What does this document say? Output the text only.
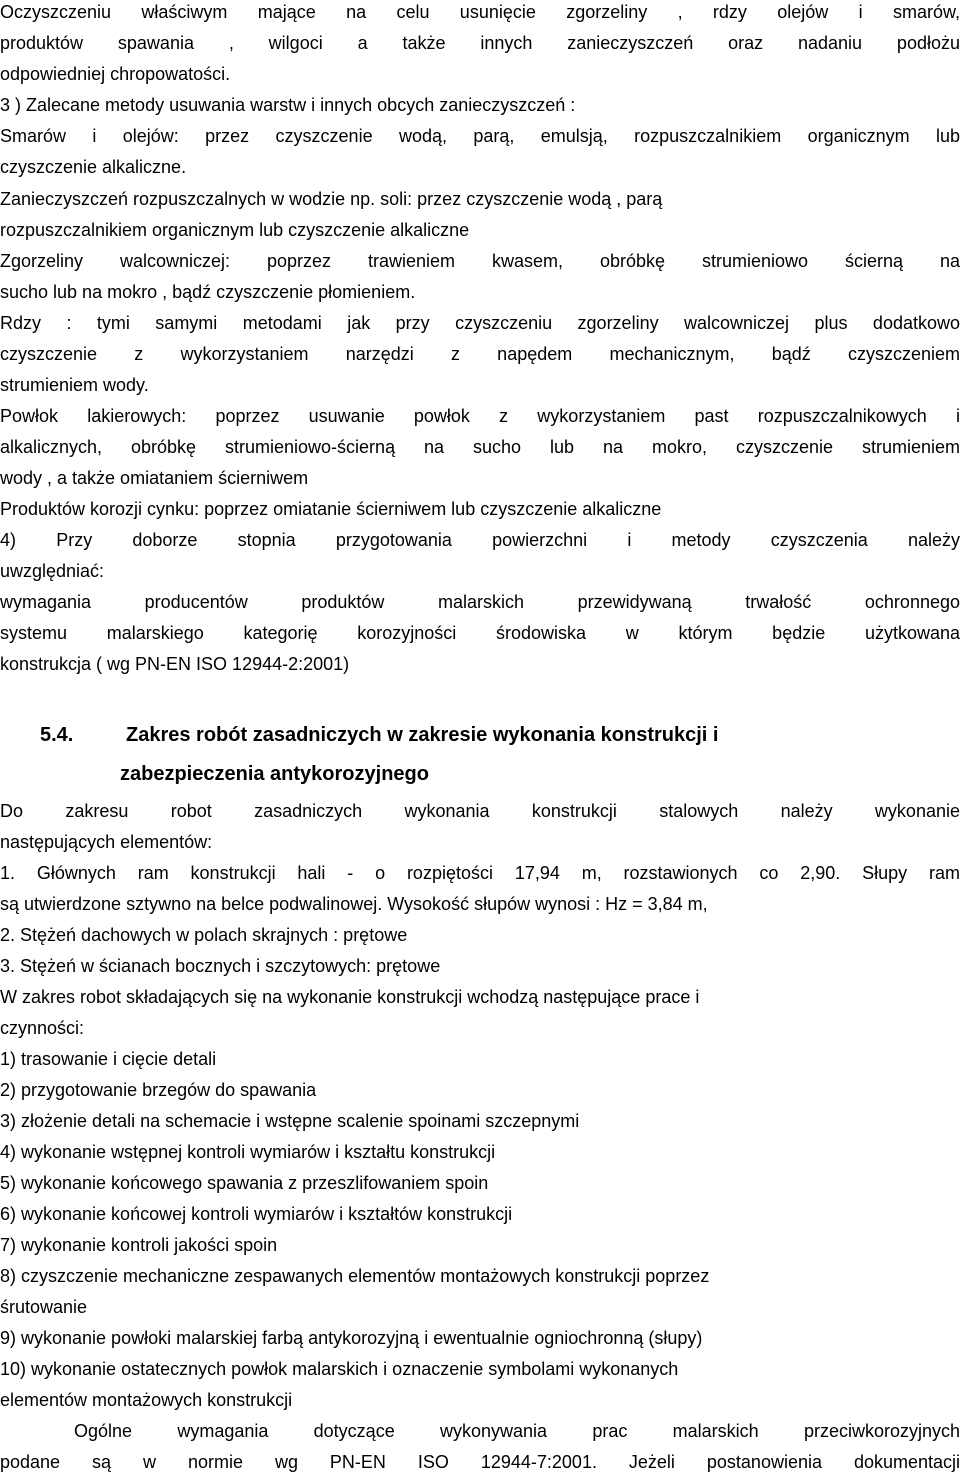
Oczyszczeniu właściwym mające na celu usunięcie zgorzeliny , rdzy olejów i smarów,
produktów spawania , wilgoci a także innych zanieczyszczeń oraz nadaniu podłożu
odpowiedniej chropowatości.
3 ) Zalecane metody usuwania warstw i innych obcych zanieczyszczeń :
Smarów i olejów: przez czyszczenie wodą, parą, emulsją, rozpuszczalnikiem organicznym lub
czyszczenie alkaliczne.
Zanieczyszczeń rozpuszczalnych w wodzie np. soli: przez czyszczenie wodą , parą
rozpuszczalnikiem organicznym lub czyszczenie alkaliczne
Zgorzeliny walcowniczej: poprzez trawieniem kwasem, obróbkę strumieniowo ścierną na
sucho lub na mokro , bądź czyszczenie płomieniem.
Rdzy : tymi samymi metodami jak przy czyszczeniu zgorzeliny walcowniczej plus dodatkowo
czyszczenie z wykorzystaniem narzędzi z napędem mechanicznym, bądź czyszczeniem
strumieniem wody.
Powłok lakierowych: poprzez usuwanie powłok z wykorzystaniem past rozpuszczalnikowych i
alkalicznych, obróbkę strumieniowo-ścierną na sucho lub na mokro, czyszczenie strumieniem
wody , a także omiataniem ścierniwem
Produktów korozji cynku: poprzez omiatanie ścierniwem lub czyszczenie alkaliczne
4) Przy doborze stopnia przygotowania powierzchni i metody czyszczenia należy
uwzględniać:
wymagania producentów produktów malarskich przewidywaną trwałość ochronnego
systemu malarskiego kategorię korozyjności środowiska w którym będzie użytkowana
konstrukcja ( wg PN-EN ISO 12944-2:2001)
5.4.	Zakres robót zasadniczych w zakresie wykonania konstrukcji i
zabezpieczenia antykorozyjnego
Do zakresu robot zasadniczych wykonania konstrukcji stalowych należy wykonanie
następujących elementów:
1. Głównych ram konstrukcji hali - o rozpiętości 17,94 m, rozstawionych co 2,90. Słupy ram
są utwierdzone sztywno na belce podwalinowej. Wysokość słupów wynosi : Hz = 3,84 m,
2. Stężeń dachowych w polach skrajnych : prętowe
3. Stężeń w ścianach bocznych i szczytowych: prętowe
W zakres robot składających się na wykonanie konstrukcji wchodzą następujące prace i
czynności:
1) trasowanie i cięcie detali
2) przygotowanie brzegów do spawania
3) złożenie detali na schemacie i wstępne scalenie spoinami szczepnymi
4) wykonanie wstępnej kontroli wymiarów i kształtu konstrukcji
5) wykonanie końcowego spawania z przeszlifowaniem spoin
6) wykonanie końcowej kontroli wymiarów i kształtów konstrukcji
7) wykonanie kontroli jakości spoin
8) czyszczenie mechaniczne zespawanych elementów montażowych konstrukcji poprzez
śrutowanie
9) wykonanie powłoki malarskiej farbą antykorozyjną i ewentualnie ogniochronną (słupy)
10) wykonanie ostatecznych powłok malarskich i oznaczenie symbolami wykonanych
elementów montażowych konstrukcji
Ogólne wymagania dotyczące wykonywania prac malarskich przeciwkorozyjnych
podane są w normie wg PN-EN ISO 12944-7:2001. Jeżeli postanowienia dokumentacji
